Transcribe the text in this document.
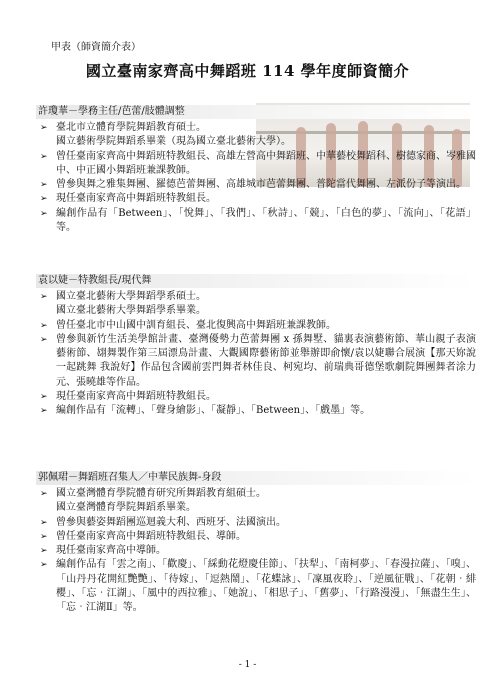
甲表（師資簡介表）
國立臺南家齊高中舞蹈班 114 學年度師資簡介
許瓊華－學務主任/芭蕾/肢體調整
➢ 臺北市立體育學院舞蹈教育碩士。
國立藝術學院舞蹈系畢業（現為國立臺北藝術大學）。
➢ 曾任臺南家齊高中舞蹈班特教組長、高雄左營高中舞蹈班、中華藝校舞蹈科、樹德家商、岑雅國中、中正國小舞蹈班兼課教師。
➢ 曾參與舞之雅集舞團、羅德芭蕾舞團、高雄城市芭蕾舞團、普陀當代舞團、左派份子等演出。
➢ 現任臺南家齊高中舞蹈班特教組長。
➢ 編創作品有「Between」、「悅舞」、「我們」、「秋詩」、「競」、「白色的夢」、「流向」、「花語」等。
袁以婕－特教組長/現代舞
➢ 國立臺北藝術大學舞蹈學系碩士。
國立臺北藝術大學舞蹈學系畢業。
➢ 曾任臺北市中山國中訓育組長、臺北復興高中舞蹈班兼課教師。
➢ 曾參與新竹生活美學館計畫、臺灣優勢力芭蕾舞團 x 孫舞墅、貓裏表演藝術節、華山親子表演藝術節、翃舞製作第三屆漂鳥計畫、大觀國際藝術節並舉辦即俞懷/袁以婕聯合展演【那天妳說一起跳舞 我說好】作品包含國前雲門舞者林佳良、柯宛均、前瑞典哥德堡歌劇院舞團舞者涂力元、張曉雄等作品。
➢ 現任臺南家齊高中舞蹈班特教組長。
➢ 編創作品有「流轉」、「聲身繪影」、「凝靜」、「Between」、「戲墨」等。
郭佩珺－舞蹈班召集人／中華民族舞-身段
➢ 國立臺灣體育學院體育研究所舞蹈教育組碩士。
國立臺灣體育學院舞蹈系畢業。
➢ 曾參與藝姿舞蹈團巡迴義大利、西班牙、法國演出。
➢ 曾任臺南家齊高中舞蹈班特教組長、導師。
➢ 現任臺南家齊高中導師。
➢ 編創作品有「雲之南」、「歡慶」、「綵動花燈慶佳節」、「扶犁」、「南柯夢」、「春漫拉薩」、「嗅」、「山丹丹花開紅艷艷」、「待嫁」、「逗熱鬧」、「花蝶詠」、「凜風夜聆」、「逆風征戰」、「花朝‧緋櫻」、「忘‧江湖」、「風中的西拉雅」、「她說」、「相思子」、「舊夢」、「行路漫漫」、「無盡生生」、「忘‧江湖Ⅱ」等。
- 1 -
